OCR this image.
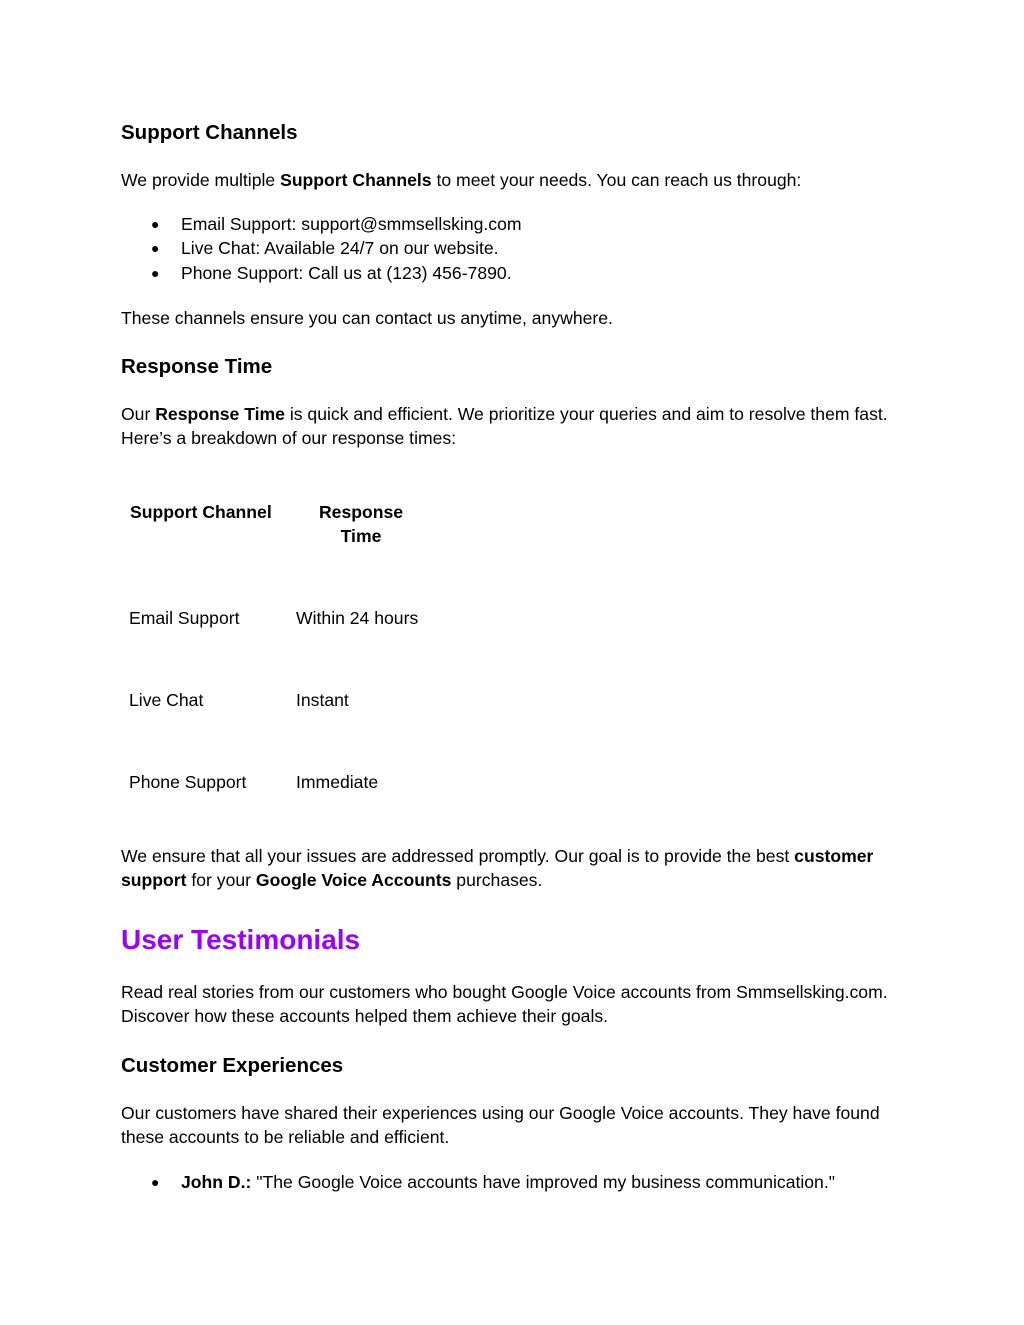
Support Channels

We provide multiple Support Channels to meet your needs. You can reach us through:

● Email Support: support@smmsellsking.com
● Live Chat: Available 24/7 on our website.
● Phone Support: Call us at (123) 456-7890.

These channels ensure you can contact us anytime, anywhere.

Response Time

Our Response Time is quick and efficient. We prioritize your queries and aim to resolve them fast. Here’s a breakdown of our response times:

Support Channel	Response Time
Email Support	Within 24 hours
Live Chat	Instant
Phone Support	Immediate

We ensure that all your issues are addressed promptly. Our goal is to provide the best customer support for your Google Voice Accounts purchases.

User Testimonials

Read real stories from our customers who bought Google Voice accounts from Smmsellsking.com. Discover how these accounts helped them achieve their goals.

Customer Experiences

Our customers have shared their experiences using our Google Voice accounts. They have found these accounts to be reliable and efficient.

● John D.: "The Google Voice accounts have improved my business communication."
